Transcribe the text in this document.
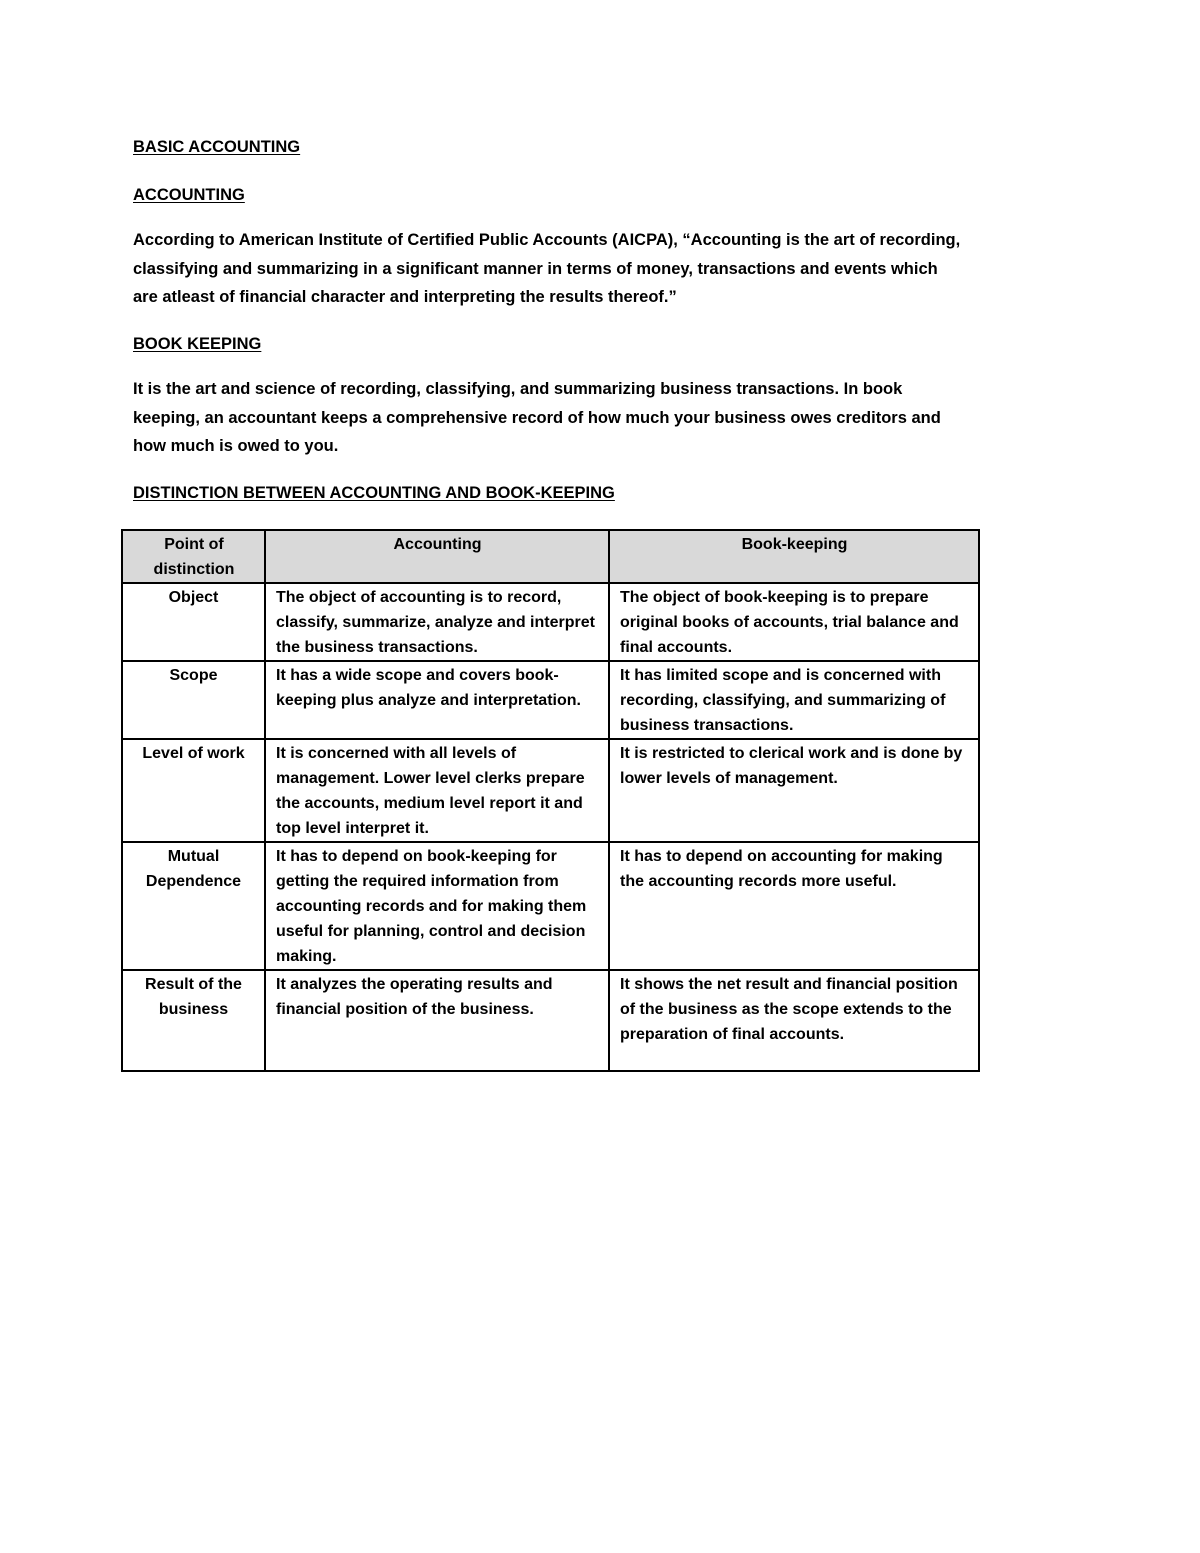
BASIC ACCOUNTING

ACCOUNTING

According to American Institute of Certified Public Accounts (AICPA), “Accounting is the art of recording, classifying and summarizing in a significant manner in terms of money, transactions and events which are atleast of financial character and interpreting the results thereof.”

BOOK KEEPING

It is the art and science of recording, classifying, and summarizing business transactions. In book keeping, an accountant keeps a comprehensive record of how much your business owes creditors and how much is owed to you.

DISTINCTION BETWEEN ACCOUNTING AND BOOK-KEEPING

Point of distinction	Accounting	Book-keeping
Object	The object of accounting is to record, classify, summarize, analyze and interpret the business transactions.	The object of book-keeping is to prepare original books of accounts, trial balance and final accounts.
Scope	It has a wide scope and covers book-keeping plus analyze and interpretation.	It has limited scope and is concerned with recording, classifying, and summarizing of business transactions.
Level of work	It is concerned with all levels of management. Lower level clerks prepare the accounts, medium level report it and top level interpret it.	It is restricted to clerical work and is done by lower levels of management.
Mutual Dependence	It has to depend on book-keeping for getting the required information from accounting records and for making them useful for planning, control and decision making.	It has to depend on accounting for making the accounting records more useful.
Result of the business	It analyzes the operating results and financial position of the business.	It shows the net result and financial position of the business as the scope extends to the preparation of final accounts.
